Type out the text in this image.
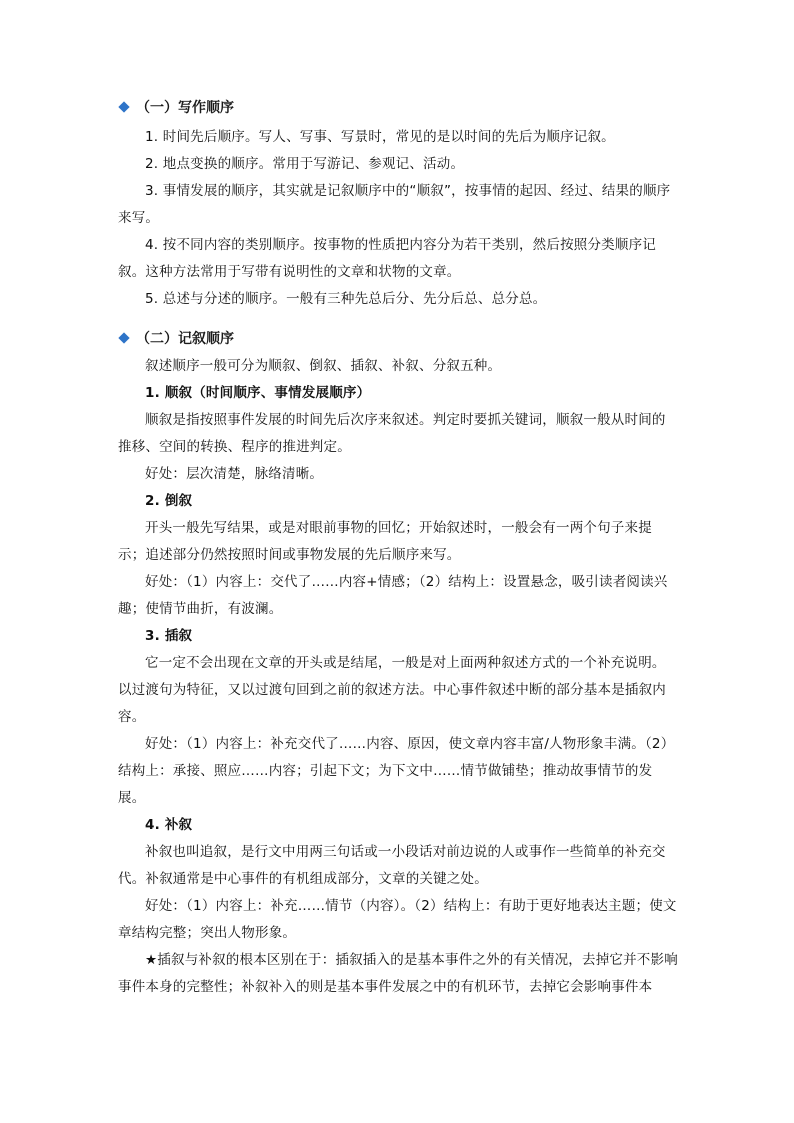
（一）写作顺序

1. 时间先后顺序。写人、写事、写景时，常见的是以时间的先后为顺序记叙。

2. 地点变换的顺序。常用于写游记、参观记、活动。

3. 事情发展的顺序，其实就是记叙顺序中的“顺叙”，按事情的起因、经过、结果的顺序来写。

4. 按不同内容的类别顺序。按事物的性质把内容分为若干类别，然后按照分类顺序记叙。这种方法常用于写带有说明性的文章和状物的文章。

5. 总述与分述的顺序。一般有三种先总后分、先分后总、总分总。

（二）记叙顺序

叙述顺序一般可分为顺叙、倒叙、插叙、补叙、分叙五种。

1. 顺叙（时间顺序、事情发展顺序）

顺叙是指按照事件发展的时间先后次序来叙述。判定时要抓关键词，顺叙一般从时间的推移、空间的转换、程序的推进判定。

好处：层次清楚，脉络清晰。

2. 倒叙

开头一般先写结果，或是对眼前事物的回忆；开始叙述时，一般会有一两个句子来提示；追述部分仍然按照时间或事物发展的先后顺序来写。

好处：（1）内容上：交代了……内容+情感；（2）结构上：设置悬念，吸引读者阅读兴趣；使情节曲折，有波澜。

3. 插叙

它一定不会出现在文章的开头或是结尾，一般是对上面两种叙述方式的一个补充说明。以过渡句为特征，又以过渡句回到之前的叙述方法。中心事件叙述中断的部分基本是插叙内容。

好处：（1）内容上：补充交代了……内容、原因，使文章内容丰富/人物形象丰满。（2）结构上：承接、照应……内容；引起下文；为下文中……情节做铺垫；推动故事情节的发展。

4. 补叙

补叙也叫追叙，是行文中用两三句话或一小段话对前边说的人或事作一些简单的补充交代。补叙通常是中心事件的有机组成部分，文章的关键之处。

好处：（1）内容上：补充……情节（内容）。（2）结构上：有助于更好地表达主题；使文章结构完整；突出人物形象。

★插叙与补叙的根本区别在于：插叙插入的是基本事件之外的有关情况，去掉它并不影响事件本身的完整性；补叙补入的则是基本事件发展之中的有机环节，去掉它会影响事件本
